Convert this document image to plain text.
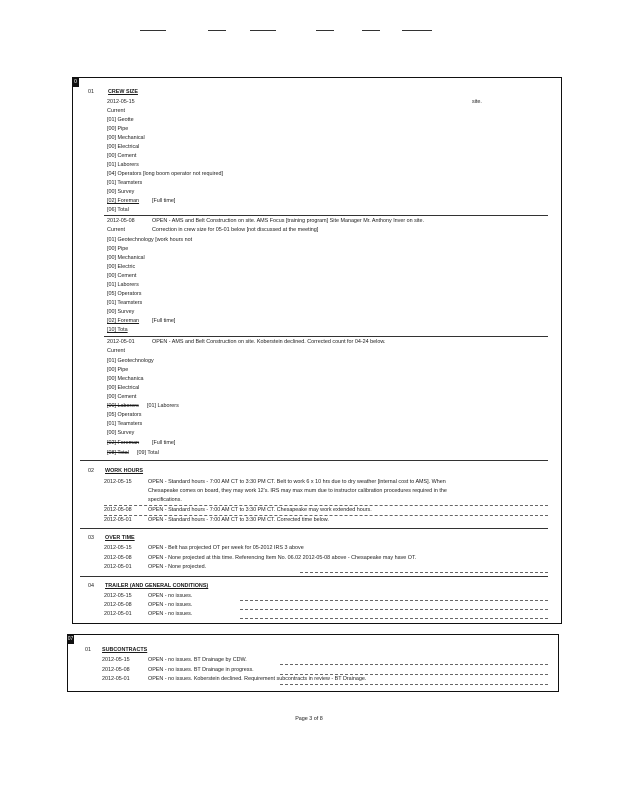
0
01	CREW SIZE
site.
2012-05-15
Current
[01] Geotte
[00] Pipe
[00] Mechanical
[00] Electrical
[00] Cement
[01] Laborers
[04] Operators [long boom operator not required]
[01] Teamsters
[00] Survey
[02] Foreman [Full time]
[06] Total
2012-05-08	OPEN - AMS and Belt Construction on site. AMS Focus [training program] Site Manager Mr. Anthony Inver on site.
Current	Correction in crew size for 05-01 below [not discussed at the meeting]
[01] Geotechnology [work hours not
[00] Pipe
[00] Mechanical
[00] Electric
[00] Cement
[01] Laborers
[05] Operators
[01] Teamsters
[00] Survey
[02] Foreman [Full time]
[10] Tota
2012-05-01	OPEN - AMS and Belt Construction on site. Koberstein declined. Corrected count for 04-24 below.
Current
[01] Geotechnology
[00] Pipe
[00] Mechanica
[00] Electrical
[00] Cement
[00] Laborers [01] Laborers
[05] Operators
[01] Teamsters
[00] Survey
[02] Foreman [Full time]
[08] Total [09] Total
02 WORK HOURS
2012-05-15	OPEN - Standard hours - 7:00 AM CT to 3:30 PM CT. Belt to work 6 x 10 hrs due to dry weather [internal cost to AMS]. When
Chesapeake comes on board, they may work 12's. IRS may max mum due to instructor calibration procedures required in the
specifications.
2012-05-08	OPEN - Standard hours - 7:00 AM CT to 3:30 PM CT. Chesapeake may work extended hours.
2012-05-01	OPEN - Standard hours - 7:00 AM CT to 3:30 PM CT. Corrected time below.
03 OVER TIME
2012-05-15	OPEN - Belt has projected OT per week for 05-2012 IRS 3 above
2012-05-08	OPEN - None projected at this time. Referencing Item No. 06.02 2012-05-08 above - Chesapeake may have OT.
2012-05-01	OPEN - None projected.
04 TRAILER (AND GENERAL CONDITIONS)
2012-05-15	OPEN - no issues.
2012-05-08	OPEN - no issues.
2012-05-01	OPEN - no issues.
07
01 SUBCONTRACTS
2012-05-15	OPEN - no issues. BT Drainage by CDW.
2012-05-08	OPEN - no issues. BT Drainage in progress.
2012-05-01	OPEN - no issues. Koberstein declined. Requirement subcontracts in review - BT Drainage.
Page 3 of 8
